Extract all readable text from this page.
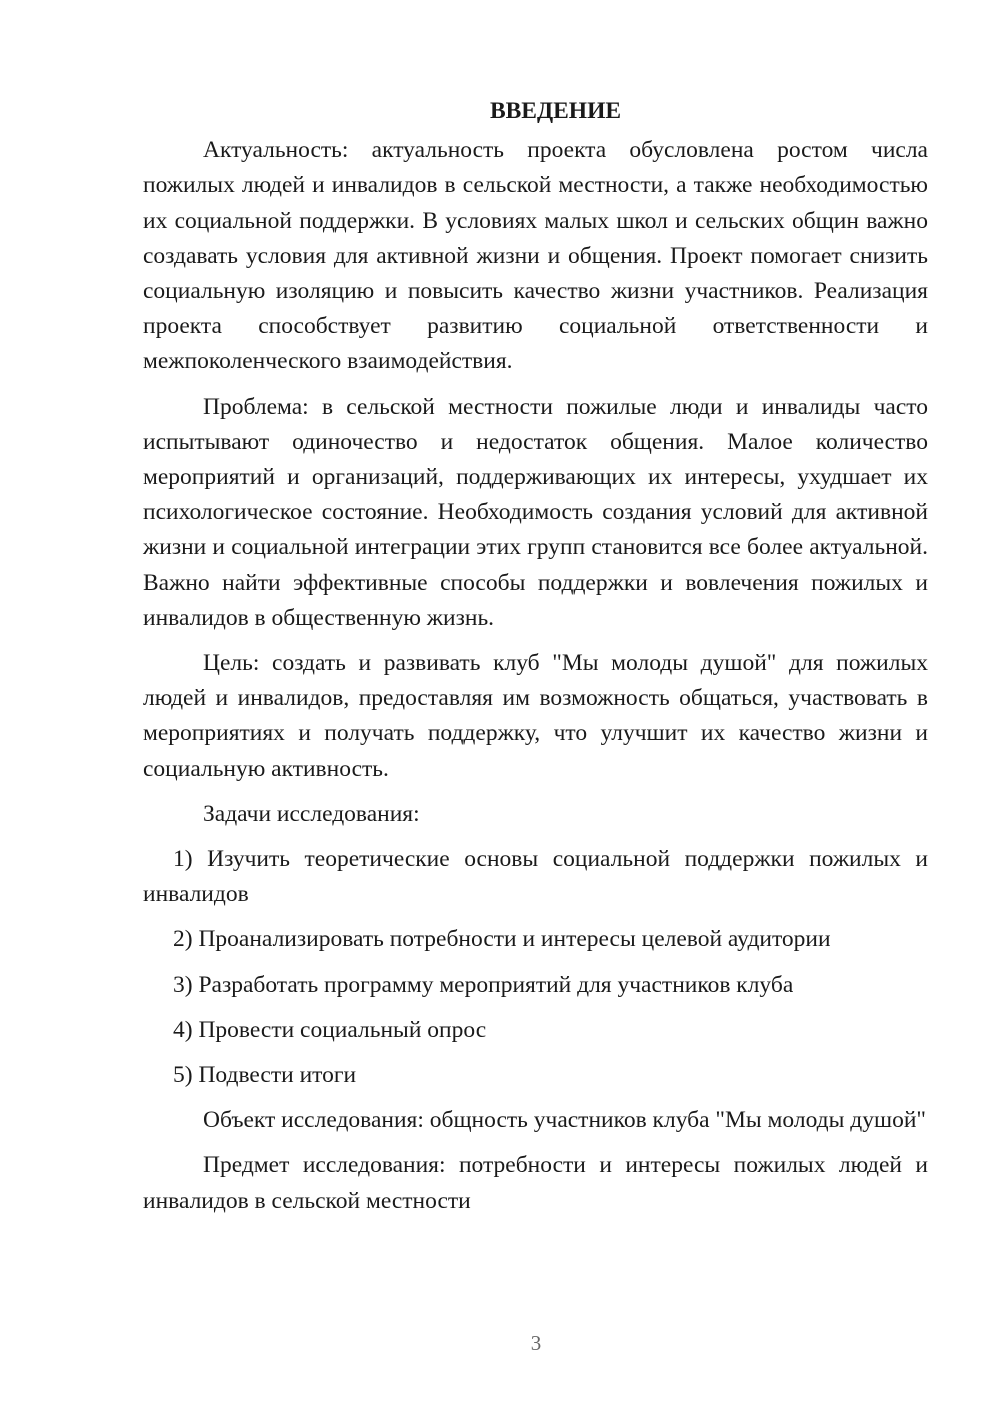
ВВЕДЕНИЕ

Актуальность: актуальность проекта обусловлена ростом числа пожилых людей и инвалидов в сельской местности, а также необходимостью их социальной поддержки. В условиях малых школ и сельских общин важно создавать условия для активной жизни и общения. Проект помогает снизить социальную изоляцию и повысить качество жизни участников. Реализация проекта способствует развитию социальной ответственности и межпоколенческого взаимодействия.

Проблема: в сельской местности пожилые люди и инвалиды часто испытывают одиночество и недостаток общения. Малое количество мероприятий и организаций, поддерживающих их интересы, ухудшает их психологическое состояние. Необходимость создания условий для активной жизни и социальной интеграции этих групп становится все более актуальной. Важно найти эффективные способы поддержки и вовлечения пожилых и инвалидов в общественную жизнь.

Цель: создать и развивать клуб "Мы молоды душой" для пожилых людей и инвалидов, предоставляя им возможность общаться, участвовать в мероприятиях и получать поддержку, что улучшит их качество жизни и социальную активность.

Задачи исследования:

1) Изучить теоретические основы социальной поддержки пожилых и инвалидов

2) Проанализировать потребности и интересы целевой аудитории

3) Разработать программу мероприятий для участников клуба

4) Провести социальный опрос

5) Подвести итоги

Объект исследования: общность участников клуба "Мы молоды душой"

Предмет исследования: потребности и интересы пожилых людей и инвалидов в сельской местности

3
